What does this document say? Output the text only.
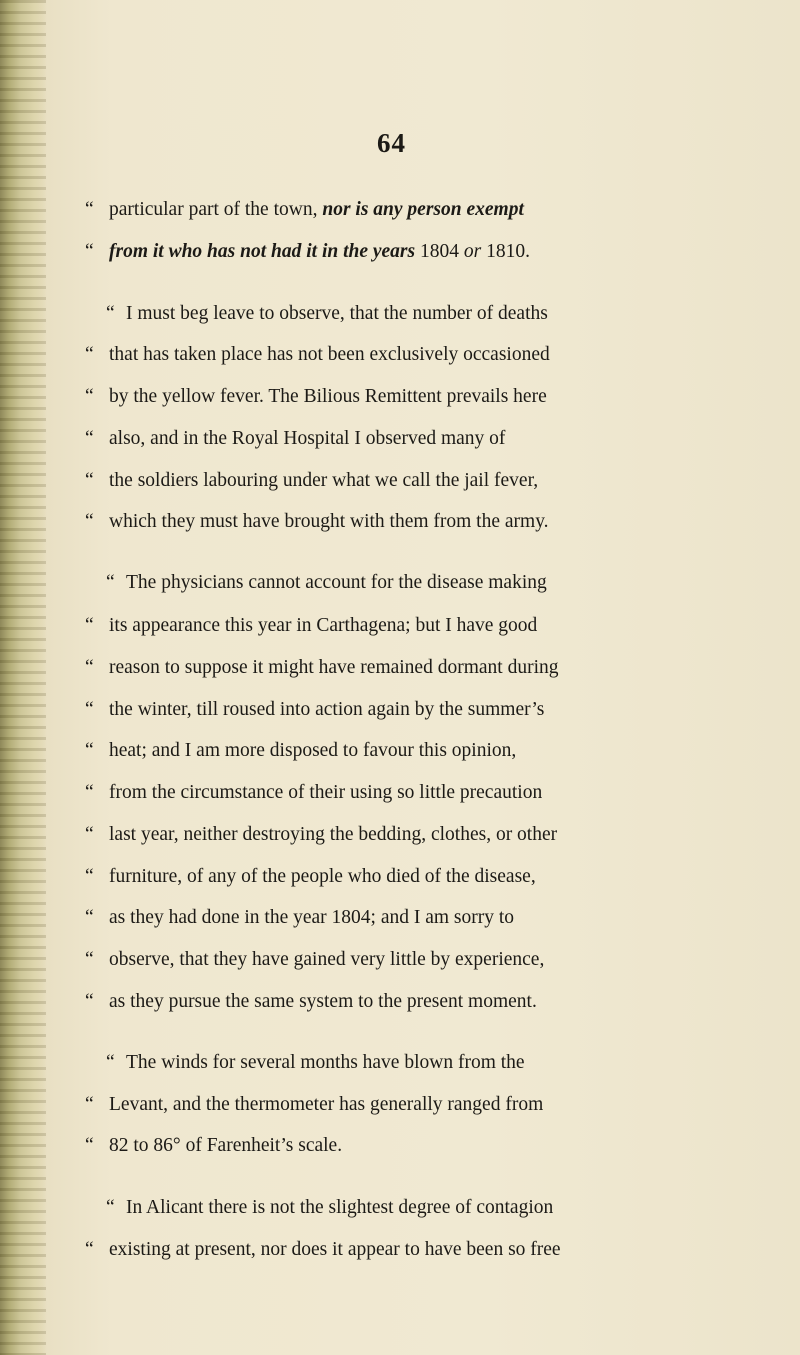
64
“ particular part of the town, nor is any person exempt
“ from it who has not had it in the years 1804 or 1810.
“ I must beg leave to observe, that the number of deaths
“ that has taken place has not been exclusively occasioned
“ by the yellow fever. The Bilious Remittent prevails here
“ also, and in the Royal Hospital I observed many of
“ the soldiers labouring under what we call the jail fever,
“ which they must have brought with them from the army.
“ The physicians cannot account for the disease making
“ its appearance this year in Carthagena; but I have good
“ reason to suppose it might have remained dormant during
“ the winter, till roused into action again by the summer’s
“ heat; and I am more disposed to favour this opinion,
“ from the circumstance of their using so little precaution
“ last year, neither destroying the bedding, clothes, or other
“ furniture, of any of the people who died of the disease,
“ as they had done in the year 1804; and I am sorry to
“ observe, that they have gained very little by experience,
“ as they pursue the same system to the present moment.
“ The winds for several months have blown from the
“ Levant, and the thermometer has generally ranged from
“ 82 to 86° of Farenheit’s scale.
“ In Alicant there is not the slightest degree of contagion
“ existing at present, nor does it appear to have been so free
